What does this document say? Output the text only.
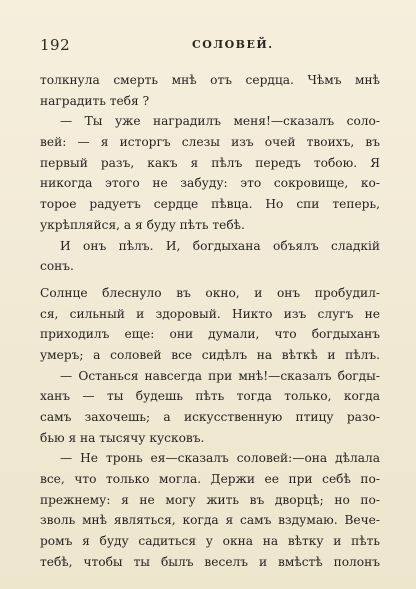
192	СОЛОВЕЙ.
толкнула смерть мнѣ отъ сердца. Чѣмъ мнѣ
наградить тебя ?
— Ты уже наградилъ меня!—сказалъ соло-
вей: — я исторгъ слезы изъ очей твоихъ, въ
первый разъ, какъ я пѣлъ передъ тобою. Я
никогда этого не забуду: это сокровище, ко-
торое радуетъ сердце пѣвца. Но спи теперь,
укрѣпляйся, а я буду пѣть тебѣ.
И онъ пѣлъ. И, богдыхана объялъ сладкій
сонъ.
Солнце блеснуло въ окно, и онъ пробудил-
ся, сильный и здоровый. Никто изъ слугъ не
приходилъ еще: они думали, что богдыханъ
умеръ; а соловей все сидѣлъ на вѣткѣ и пѣлъ.
— Останься навсегда при мнѣ!—сказалъ богды-
ханъ — ты будешь пѣть тогда только, когда
самъ захочешь; а искусственную птицу разо-
бью я на тысячу кусковъ.
— Не тронь ея—сказалъ соловей:—она дѣлала
все, что только могла. Держи ее при себѣ по-
прежнему: я не могу жить въ дворцѣ; но по-
зволь мнѣ являться, когда я самъ вздумаю. Вече-
ромъ я буду садиться у окна на вѣтку и пѣть
тебѣ, чтобы ты былъ веселъ и вмѣстѣ полонъ
